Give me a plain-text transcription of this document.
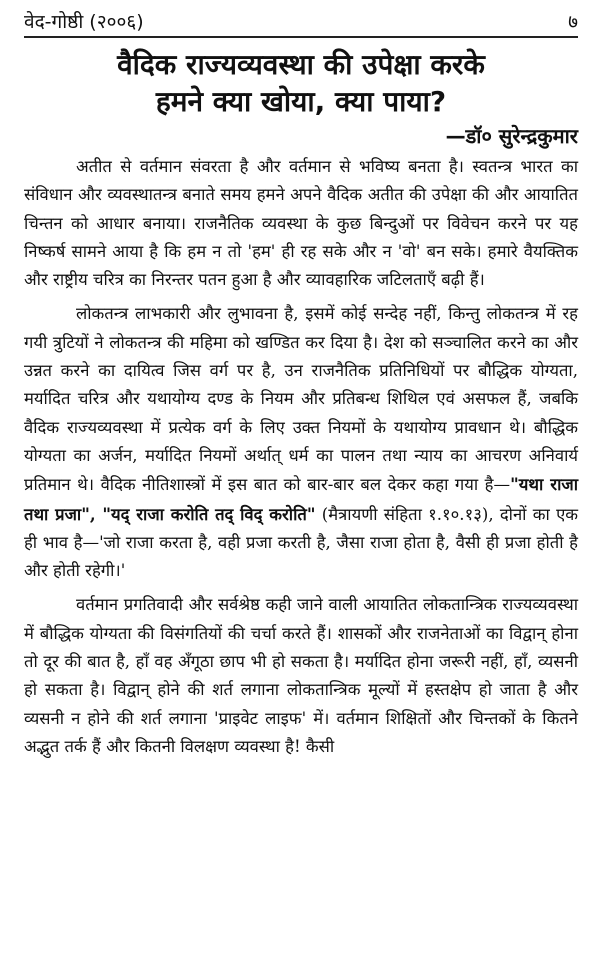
वेद-गोष्ठी (२००६)	७
वैदिक राज्यव्यवस्था की उपेक्षा करके
हमने क्या खोया, क्या पाया?
—डॉ० सुरेन्द्रकुमार

अतीत से वर्तमान संवरता है और वर्तमान से भविष्य बनता है। स्वतन्त्र भारत का संविधान और व्यवस्थातन्त्र बनाते समय हमने अपने वैदिक अतीत की उपेक्षा की और आयातित चिन्तन को आधार बनाया। राजनैतिक व्यवस्था के कुछ बिन्दुओं पर विवेचन करने पर यह निष्कर्ष सामने आया है कि हम न तो 'हम' ही रह सके और न 'वो' बन सके। हमारे वैयक्तिक और राष्ट्रीय चरित्र का निरन्तर पतन हुआ है और व्यावहारिक जटिलताएँ बढ़ी हैं।

लोकतन्त्र लाभकारी और लुभावना है, इसमें कोई सन्देह नहीं, किन्तु लोकतन्त्र में रह गयी त्रुटियों ने लोकतन्त्र की महिमा को खण्डित कर दिया है। देश को सञ्चालित करने का और उन्नत करने का दायित्व जिस वर्ग पर है, उन राजनैतिक प्रतिनिधियों पर बौद्धिक योग्यता, मर्यादित चरित्र और यथायोग्य दण्ड के नियम और प्रतिबन्ध शिथिल एवं असफल हैं, जबकि वैदिक राज्यव्यवस्था में प्रत्येक वर्ग के लिए उक्त नियमों के यथायोग्य प्रावधान थे। बौद्धिक योग्यता का अर्जन, मर्यादित नियमों अर्थात् धर्म का पालन तथा न्याय का आचरण अनिवार्य प्रतिमान थे। वैदिक नीतिशास्त्रों में इस बात को बार-बार बल देकर कहा गया है—"यथा राजा तथा प्रजा", "यद् राजा करोति तद् विद् करोति" (मैत्रायणी संहिता १.१०.१३), दोनों का एक ही भाव है—'जो राजा करता है, वही प्रजा करती है, जैसा राजा होता है, वैसी ही प्रजा होती है और होती रहेगी।'

वर्तमान प्रगतिवादी और सर्वश्रेष्ठ कही जाने वाली आयातित लोकतान्त्रिक राज्यव्यवस्था में बौद्धिक योग्यता की विसंगतियों की चर्चा करते हैं। शासकों और राजनेताओं का विद्वान् होना तो दूर की बात है, हाँ वह अँगूठा छाप भी हो सकता है। मर्यादित होना जरूरी नहीं, हाँ, व्यसनी हो सकता है। विद्वान् होने की शर्त लगाना लोकतान्त्रिक मूल्यों में हस्तक्षेप हो जाता है और व्यसनी न होने की शर्त लगाना 'प्राइवेट लाइफ' में। वर्तमान शिक्षितों और चिन्तकों के कितने अद्भुत तर्क हैं और कितनी विलक्षण व्यवस्था है! कैसी
